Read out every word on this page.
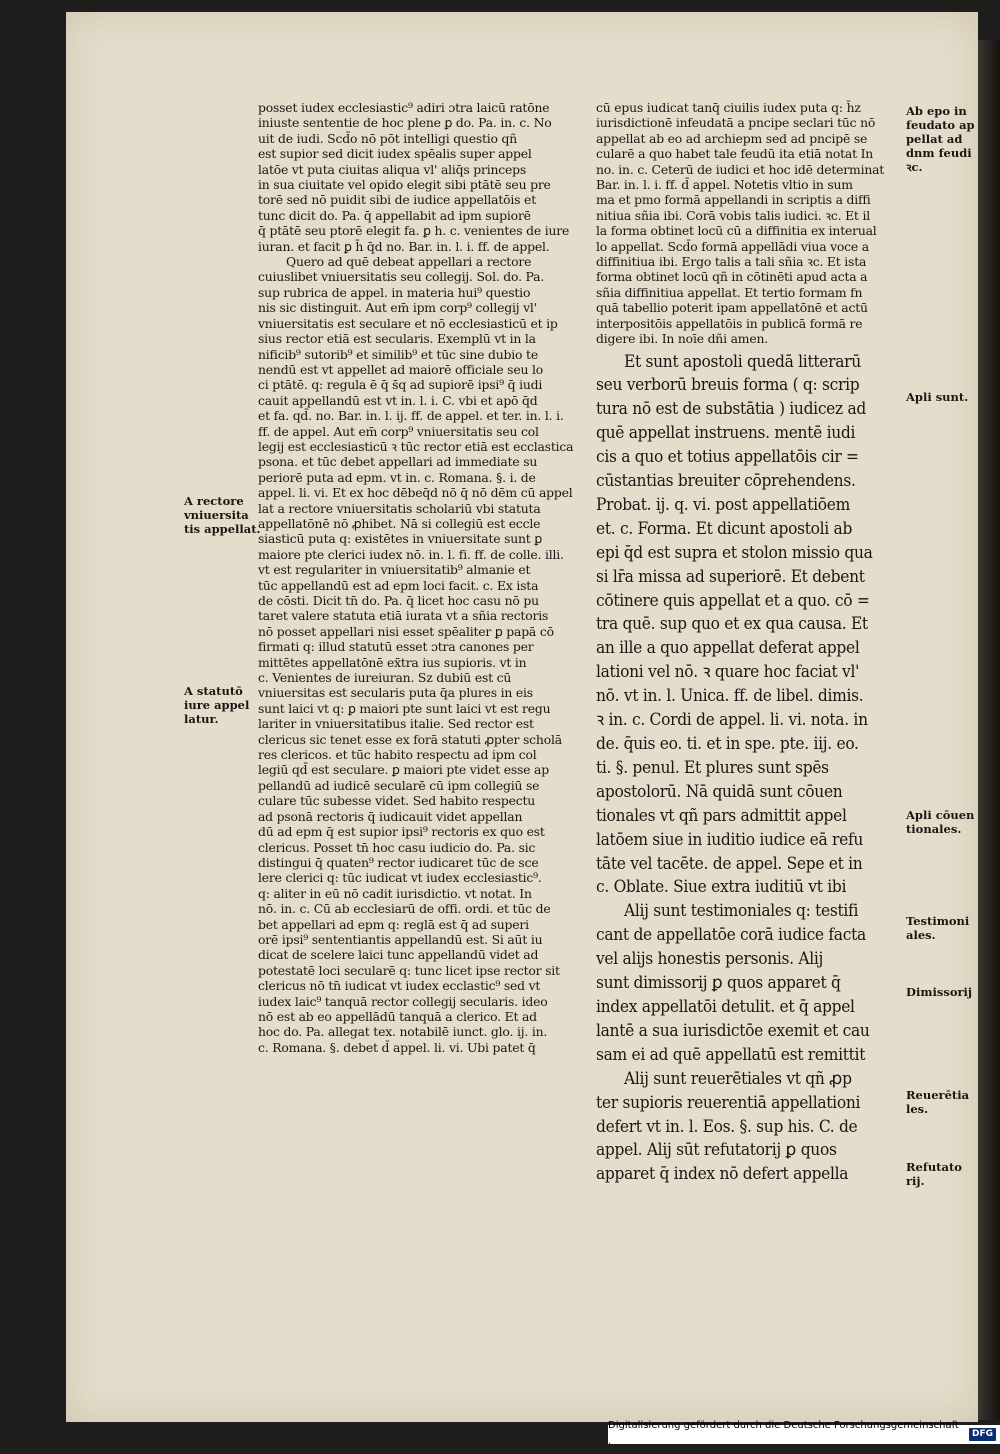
posset iudex ecclesiastic⁹ adiri ɔtra laicū ratōne

iniuste sententie de hoc plene ꝑ do. Pa. in. c. No

uit de iudi. Scd̄o nō pōt intelligi questio qñ

est supior sed dicit iudex spēalis super appel

latōe vt puta ciuitas aliqua vl' aliq̄s princeps

in sua ciuitate vel opido elegit sibi ptātē seu pre

torē sed nō puidit sibi de iudice appellatōis et

tunc dicit do. Pa. q̄ appellabit ad ipm supiorē

q̄ ptātē seu ptorē elegit fa. ꝑ h. c. venientes de iure

iuran. et facit ꝑ h̄ q̄d no. Bar. in. l. i. ff. de appel.

Quero ad quē debeat appellari a rectore

cuiuslibet vniuersitatis seu collegij. Sol. do. Pa.

sup rubrica de appel. in materia hui⁹ questio

nis sic distinguit. Aut em̄ ipm corp⁹ collegij vl'

vniuersitatis est seculare et nō ecclesiasticū et ip

sius rector etiā est secularis. Exemplū vt in la

nificib⁹ sutorib⁹ et similib⁹ et tūc sine dubio te

nendū est vt appellet ad maiorē officiale seu lo

ci ptātē. q: regula ē q̄ s̄q ad supiorē ipsi⁹ q̄ iudi

cauit appellandū est vt in. l. i. C. vbi et apō q̄d

et fa. qd̄. no. Bar. in. l. ij. ff. de appel. et ter. in. l. i.

ff. de appel. Aut em̄ corp⁹ vniuersitatis seu col

legij est ecclesiasticū ꝛ tūc rector etiā est ecclastica

psona. et tūc debet appellari ad immediate su

periorē puta ad epm. vt in. c. Romana. §. i. de

appel. li. vi. Et ex hoc dēbeq̄d nō q̄ nō dēm cū appel

lat a rectore vniuersitatis scholariū vbi statuta

appellatōnē nō ꝓhibet. Nā si collegiū est eccle

siasticū puta q: existētes in vniuersitate sunt ꝑ

maiore pte clerici iudex nō. in. l. fi. ff. de colle. illi.

vt est regulariter in vniuersitatib⁹ almanie et

tūc appellandū est ad epm loci facit. c. Ex ista

de cōsti. Dicit tn̄ do. Pa. q̄ licet hoc casu nō pu

taret valere statuta etiā iurata vt a sñia rectoris

nō posset appellari nisi esset spēaliter ꝑ papā cō

firmati q: illud statutū esset ɔtra canones per

mittētes appellatōnē ex̄tra ius supioris. vt in

c. Venientes de iureiuran. Sz dubiū est cū

vniuersitas est secularis puta q̄a plures in eis

sunt laici vt q: ꝑ maiori pte sunt laici vt est regu

lariter in vniuersitatibus italie. Sed rector est

clericus sic tenet esse ex forā statuti ꝓpter scholā

res clericos. et tūc habito respectu ad ipm col

legiū qd̄ est seculare. ꝑ maiori pte videt esse ap

pellandū ad iudicē secularē cū ipm collegiū se

culare tūc subesse videt. Sed habito respectu

ad psonā rectoris q̄ iudicauit videt appellan

dū ad epm q̄ est supior ipsi⁹ rectoris ex quo est

clericus. Posset tn̄ hoc casu iudicio do. Pa. sic

distingui q̄ quaten⁹ rector iudicaret tūc de sce

lere clerici q: tūc iudicat vt iudex ecclesiastic⁹.

q: aliter in eū nō cadit iurisdictio. vt notat. In

nō. in. c. Cū ab ecclesiarū de offi. ordi. et tūc de

bet appellari ad epm q: reglā est q̄ ad superi

orē ipsi⁹ sententiantis appellandū est. Si aūt iu

dicat de scelere laici tunc appellandū videt ad

potestatē loci secularē q: tunc licet ipse rector sit

clericus nō tn̄ iudicat vt iudex ecclastic⁹ sed vt

iudex laic⁹ tanquā rector collegij secularis. ideo

nō est ab eo appellādū tanquā a clerico. Et ad

hoc do. Pa. allegat tex. notabilē iunct. glo. ij. in.

c. Romana. §. debet d̄ appel. li. vi. Ubi patet q̄

cū epus iudicat tanq̄ ciuilis iudex puta q: h̄z

iurisdictionē infeudatā a pncipe seclari tūc nō

appellat ab eo ad archiepm sed ad pncipē se

cularē a quo habet tale feudū ita etiā notat In

no. in. c. Ceterū de iudici et hoc idē determinat

Bar. in. l. i. ff. d̄ appel. Notetis vltio in sum

ma et pmo formā appellandi in scriptis a diffi

nitiua sñia ibi. Corā vobis talis iudici. ꝛc. Et il

la forma obtinet locū cū a diffinitia ex interual

lo appellat. Scd̄o formā appellādi viua voce a

diffinitiua ibi. Ergo talis a tali sñia ꝛc. Et ista

forma obtinet locū qñ in cōtinēti apud acta a

sñia diffinitiua appellat. Et tertio formam fn

quā tabellio poterit ipam appellatōnē et actū

interpositōis appellatōis in publicā formā re

digere ibi. In noīe dñi amen.

Et sunt apostoli quedā litterarū

seu verborū breuis forma ( q: scrip

tura nō est de substātia ) iudicez ad

quē appellat instruens. mentē iudi

cis a quo et totius appellatōis cir =

cūstantias breuiter cōprehendens.

Probat. ij. q. vi. post appellatiōem

et. c. Forma. Et dicunt apostoli ab

epi q̄d est supra et stolon missio qua

si lr̄a missa ad superiorē. Et debent

cōtinere quis appellat et a quo. cō =

tra quē. sup quo et ex qua causa. Et

an ille a quo appellat deferat appel

lationi vel nō. ꝛ quare hoc faciat vl'

nō. vt in. l. Unica. ff. de libel. dimis.

ꝛ in. c. Cordi de appel. li. vi. nota. in

de. q̄uis eo. ti. et in spe. pte. iij. eo.

ti. §. penul. Et plures sunt spēs

apostolorū. Nā quidā sunt cōuen

tionales vt qñ pars admittit appel

latōem siue in iuditio iudice eā refu

tāte vel tacēte. de appel. Sepe et in

c. Oblate. Siue extra iuditiū vt ibi

Alij sunt testimoniales q: testifi

cant de appellatōe corā iudice facta

vel alijs honestis personis. Alij

sunt dimissorij ꝑ quos apparet q̄

index appellatōi detulit. et q̄ appel

lantē a sua iurisdictōe exemit et cau

sam ei ad quē appellatū est remittit

Alij sunt reuerētiales vt qñ ꝓp

ter supioris reuerentiā appellationi

defert vt in. l. Eos. §. sup his. C. de

appel. Alij sūt refutatorij ꝑ quos

apparet q̄ index nō defert appella

A rectore

vniuersita

tis appellat.

A statutō

iure appel

latur.

Ab epo in

feudato ap

pellat ad

dnm feudi

ꝛc.

Apli sunt.

Apli cōuen

tionales.

Testimoni

ales.

Dimissorij

Reuerētia

les.

Refutato

rij.

Digitalisierung gefördert durch die Deutsche Forschungsgemeinschaft ·
DFG
